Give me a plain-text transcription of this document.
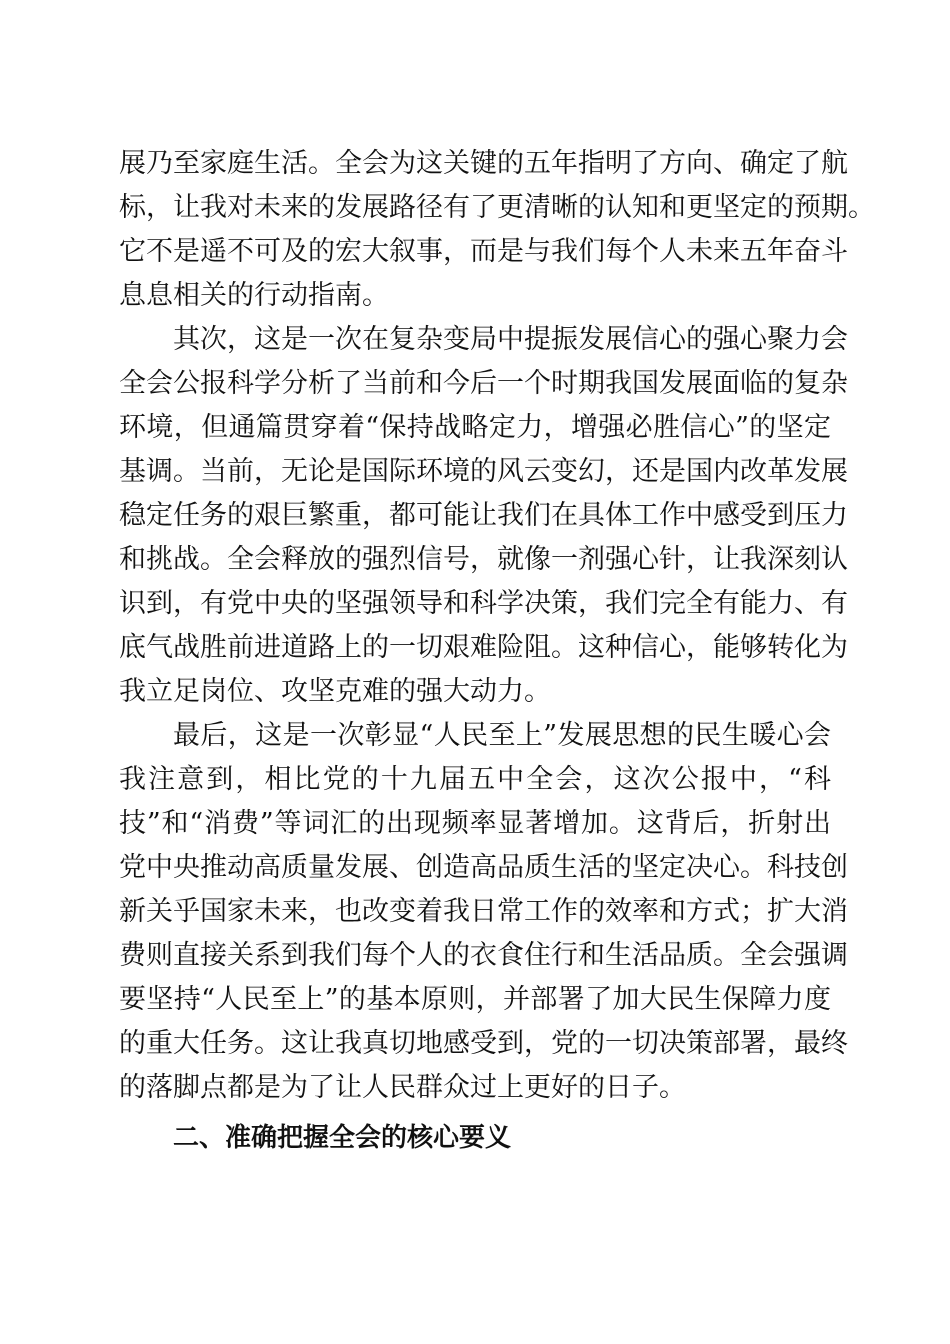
展乃至家庭生活。全会为这关键的五年指明了方向、确定了航
标，让我对未来的发展路径有了更清晰的认知和更坚定的预期。
它不是遥不可及的宏大叙事，而是与我们每个人未来五年奋斗
息息相关的行动指南。
其次，这是一次在复杂变局中提振发展信心的强心聚力会
全会公报科学分析了当前和今后一个时期我国发展面临的复杂
环境，但通篇贯穿着“保持战略定力，增强必胜信心”的坚定
基调。当前，无论是国际环境的风云变幻，还是国内改革发展
稳定任务的艰巨繁重，都可能让我们在具体工作中感受到压力
和挑战。全会释放的强烈信号，就像一剂强心针，让我深刻认
识到，有党中央的坚强领导和科学决策，我们完全有能力、有
底气战胜前进道路上的一切艰难险阻。这种信心，能够转化为
我立足岗位、攻坚克难的强大动力。
最后，这是一次彰显“人民至上”发展思想的民生暖心会
我注意到，相比党的十九届五中全会，这次公报中，“科
技”和“消费”等词汇的出现频率显著增加。这背后，折射出
党中央推动高质量发展、创造高品质生活的坚定决心。科技创
新关乎国家未来，也改变着我日常工作的效率和方式；扩大消
费则直接关系到我们每个人的衣食住行和生活品质。全会强调
要坚持“人民至上”的基本原则，并部署了加大民生保障力度
的重大任务。这让我真切地感受到，党的一切决策部署，最终
的落脚点都是为了让人民群众过上更好的日子。
二、准确把握全会的核心要义
